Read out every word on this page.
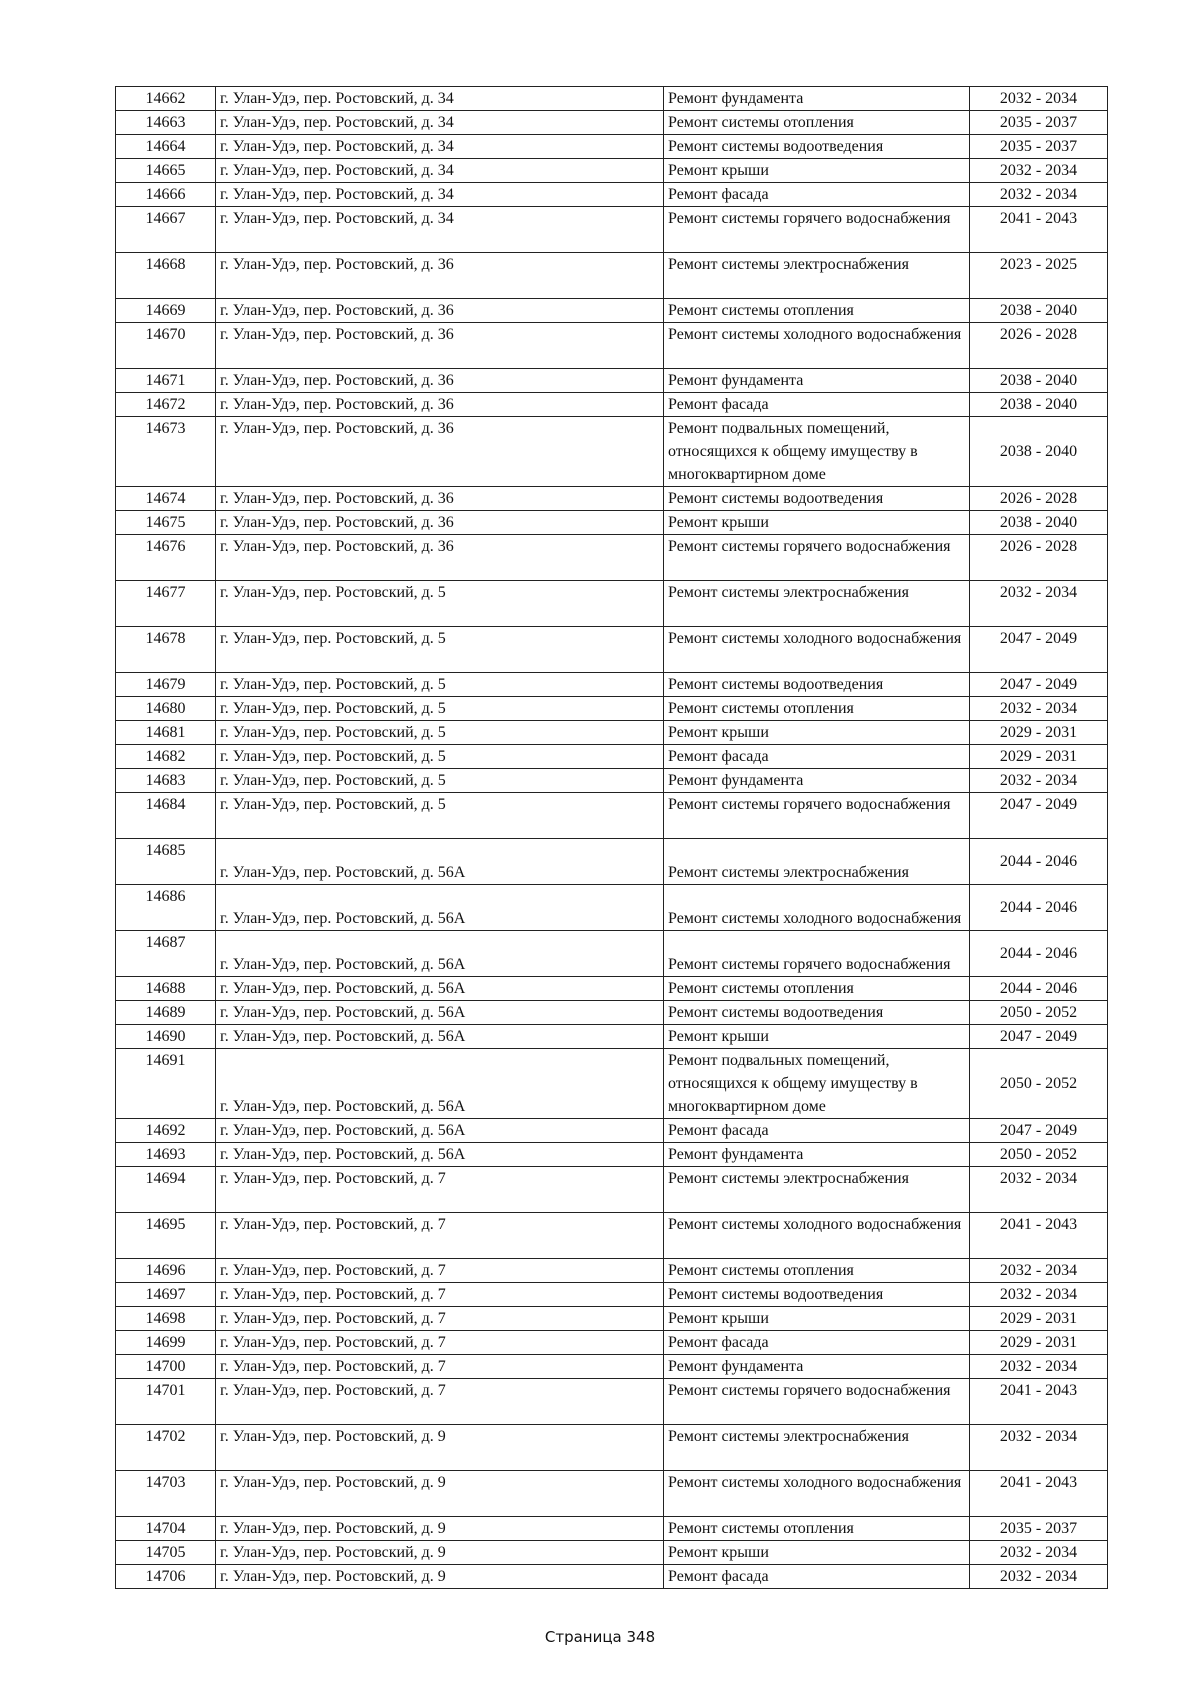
14662	г. Улан-Удэ, пер. Ростовский, д. 34	Ремонт фундамента	2032 - 2034
14663	г. Улан-Удэ, пер. Ростовский, д. 34	Ремонт системы отопления	2035 - 2037
14664	г. Улан-Удэ, пер. Ростовский, д. 34	Ремонт системы водоотведения	2035 - 2037
14665	г. Улан-Удэ, пер. Ростовский, д. 34	Ремонт крыши	2032 - 2034
14666	г. Улан-Удэ, пер. Ростовский, д. 34	Ремонт фасада	2032 - 2034
14667	г. Улан-Удэ, пер. Ростовский, д. 34	Ремонт системы горячего водоснабжения	2041 - 2043
14668	г. Улан-Удэ, пер. Ростовский, д. 36	Ремонт системы электроснабжения	2023 - 2025
14669	г. Улан-Удэ, пер. Ростовский, д. 36	Ремонт системы отопления	2038 - 2040
14670	г. Улан-Удэ, пер. Ростовский, д. 36	Ремонт системы холодного водоснабжения	2026 - 2028
14671	г. Улан-Удэ, пер. Ростовский, д. 36	Ремонт фундамента	2038 - 2040
14672	г. Улан-Удэ, пер. Ростовский, д. 36	Ремонт фасада	2038 - 2040
14673	г. Улан-Удэ, пер. Ростовский, д. 36	Ремонт подвальных помещений, относящихся к общему имуществу в многоквартирном доме	2038 - 2040
14674	г. Улан-Удэ, пер. Ростовский, д. 36	Ремонт системы водоотведения	2026 - 2028
14675	г. Улан-Удэ, пер. Ростовский, д. 36	Ремонт крыши	2038 - 2040
14676	г. Улан-Удэ, пер. Ростовский, д. 36	Ремонт системы горячего водоснабжения	2026 - 2028
14677	г. Улан-Удэ, пер. Ростовский, д. 5	Ремонт системы электроснабжения	2032 - 2034
14678	г. Улан-Удэ, пер. Ростовский, д. 5	Ремонт системы холодного водоснабжения	2047 - 2049
14679	г. Улан-Удэ, пер. Ростовский, д. 5	Ремонт системы водоотведения	2047 - 2049
14680	г. Улан-Удэ, пер. Ростовский, д. 5	Ремонт системы отопления	2032 - 2034
14681	г. Улан-Удэ, пер. Ростовский, д. 5	Ремонт крыши	2029 - 2031
14682	г. Улан-Удэ, пер. Ростовский, д. 5	Ремонт фасада	2029 - 2031
14683	г. Улан-Удэ, пер. Ростовский, д. 5	Ремонт фундамента	2032 - 2034
14684	г. Улан-Удэ, пер. Ростовский, д. 5	Ремонт системы горячего водоснабжения	2047 - 2049
14685	г. Улан-Удэ, пер. Ростовский, д. 56А	Ремонт системы электроснабжения	2044 - 2046
14686	г. Улан-Удэ, пер. Ростовский, д. 56А	Ремонт системы холодного водоснабжения	2044 - 2046
14687	г. Улан-Удэ, пер. Ростовский, д. 56А	Ремонт системы горячего водоснабжения	2044 - 2046
14688	г. Улан-Удэ, пер. Ростовский, д. 56А	Ремонт системы отопления	2044 - 2046
14689	г. Улан-Удэ, пер. Ростовский, д. 56А	Ремонт системы водоотведения	2050 - 2052
14690	г. Улан-Удэ, пер. Ростовский, д. 56А	Ремонт крыши	2047 - 2049
14691	г. Улан-Удэ, пер. Ростовский, д. 56А	Ремонт подвальных помещений, относящихся к общему имуществу в многоквартирном доме	2050 - 2052
14692	г. Улан-Удэ, пер. Ростовский, д. 56А	Ремонт фасада	2047 - 2049
14693	г. Улан-Удэ, пер. Ростовский, д. 56А	Ремонт фундамента	2050 - 2052
14694	г. Улан-Удэ, пер. Ростовский, д. 7	Ремонт системы электроснабжения	2032 - 2034
14695	г. Улан-Удэ, пер. Ростовский, д. 7	Ремонт системы холодного водоснабжения	2041 - 2043
14696	г. Улан-Удэ, пер. Ростовский, д. 7	Ремонт системы отопления	2032 - 2034
14697	г. Улан-Удэ, пер. Ростовский, д. 7	Ремонт системы водоотведения	2032 - 2034
14698	г. Улан-Удэ, пер. Ростовский, д. 7	Ремонт крыши	2029 - 2031
14699	г. Улан-Удэ, пер. Ростовский, д. 7	Ремонт фасада	2029 - 2031
14700	г. Улан-Удэ, пер. Ростовский, д. 7	Ремонт фундамента	2032 - 2034
14701	г. Улан-Удэ, пер. Ростовский, д. 7	Ремонт системы горячего водоснабжения	2041 - 2043
14702	г. Улан-Удэ, пер. Ростовский, д. 9	Ремонт системы электроснабжения	2032 - 2034
14703	г. Улан-Удэ, пер. Ростовский, д. 9	Ремонт системы холодного водоснабжения	2041 - 2043
14704	г. Улан-Удэ, пер. Ростовский, д. 9	Ремонт системы отопления	2035 - 2037
14705	г. Улан-Удэ, пер. Ростовский, д. 9	Ремонт крыши	2032 - 2034
14706	г. Улан-Удэ, пер. Ростовский, д. 9	Ремонт фасада	2032 - 2034
Страница 348
